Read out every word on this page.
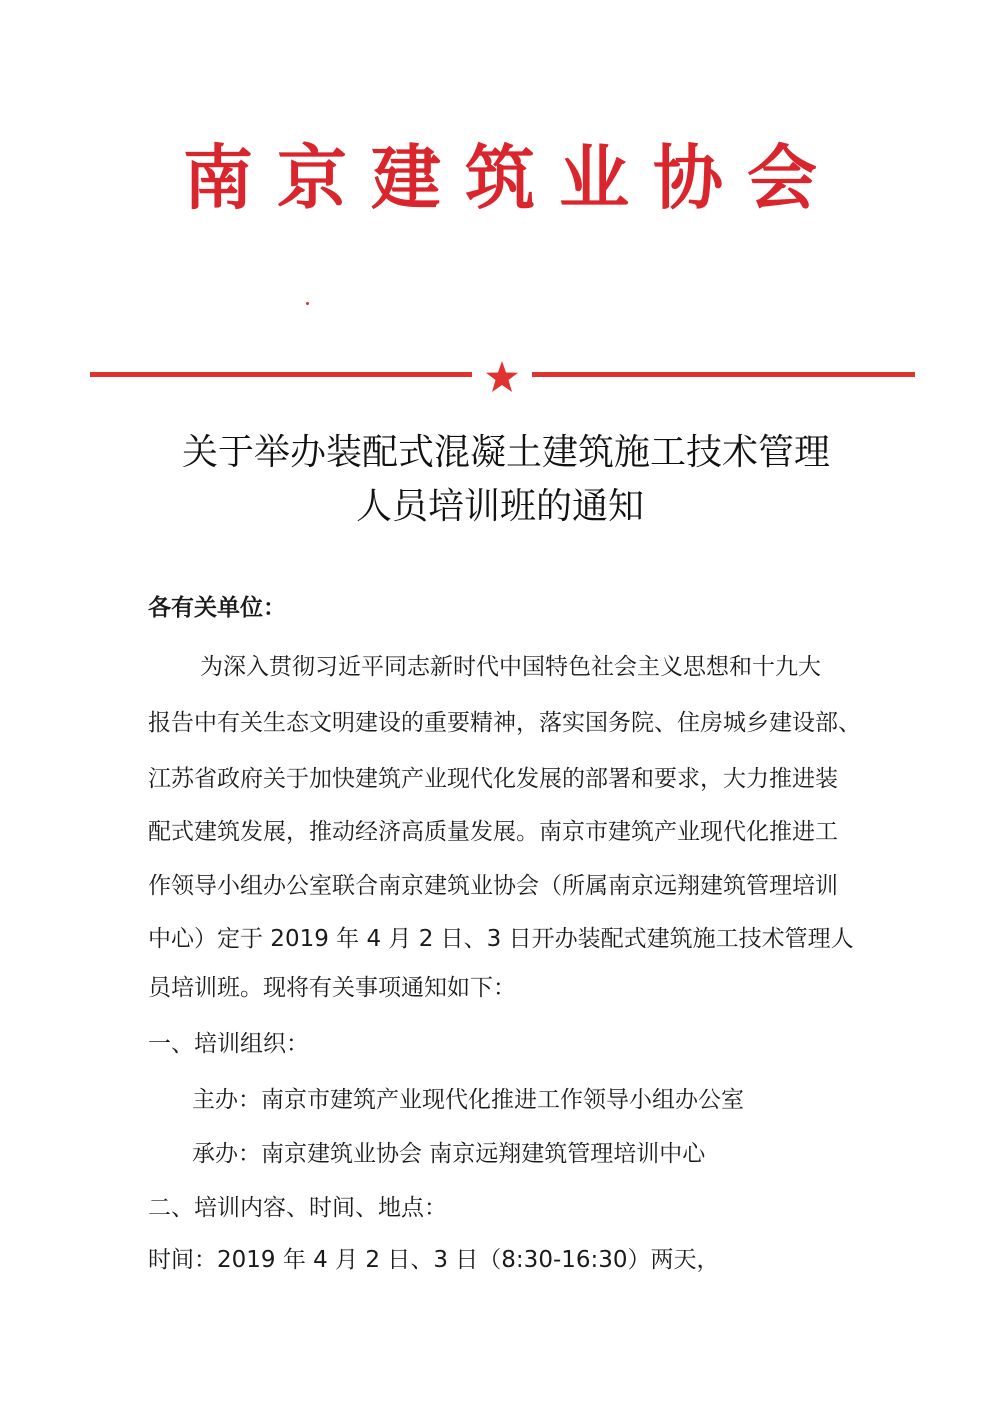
南京建筑业协会
关于举办装配式混凝土建筑施工技术管理
人员培训班的通知
各有关单位：
为深入贯彻习近平同志新时代中国特色社会主义思想和十九大
报告中有关生态文明建设的重要精神，落实国务院、住房城乡建设部、
江苏省政府关于加快建筑产业现代化发展的部署和要求，大力推进装
配式建筑发展，推动经济高质量发展。南京市建筑产业现代化推进工
作领导小组办公室联合南京建筑业协会（所属南京远翔建筑管理培训
中心）定于 2019 年 4 月 2 日、3 日开办装配式建筑施工技术管理人
员培训班。现将有关事项通知如下：
一、培训组织：
主办：南京市建筑产业现代化推进工作领导小组办公室
承办：南京建筑业协会 南京远翔建筑管理培训中心
二、培训内容、时间、地点：
时间：2019 年 4 月 2 日、3 日（8:30-16:30）两天，
